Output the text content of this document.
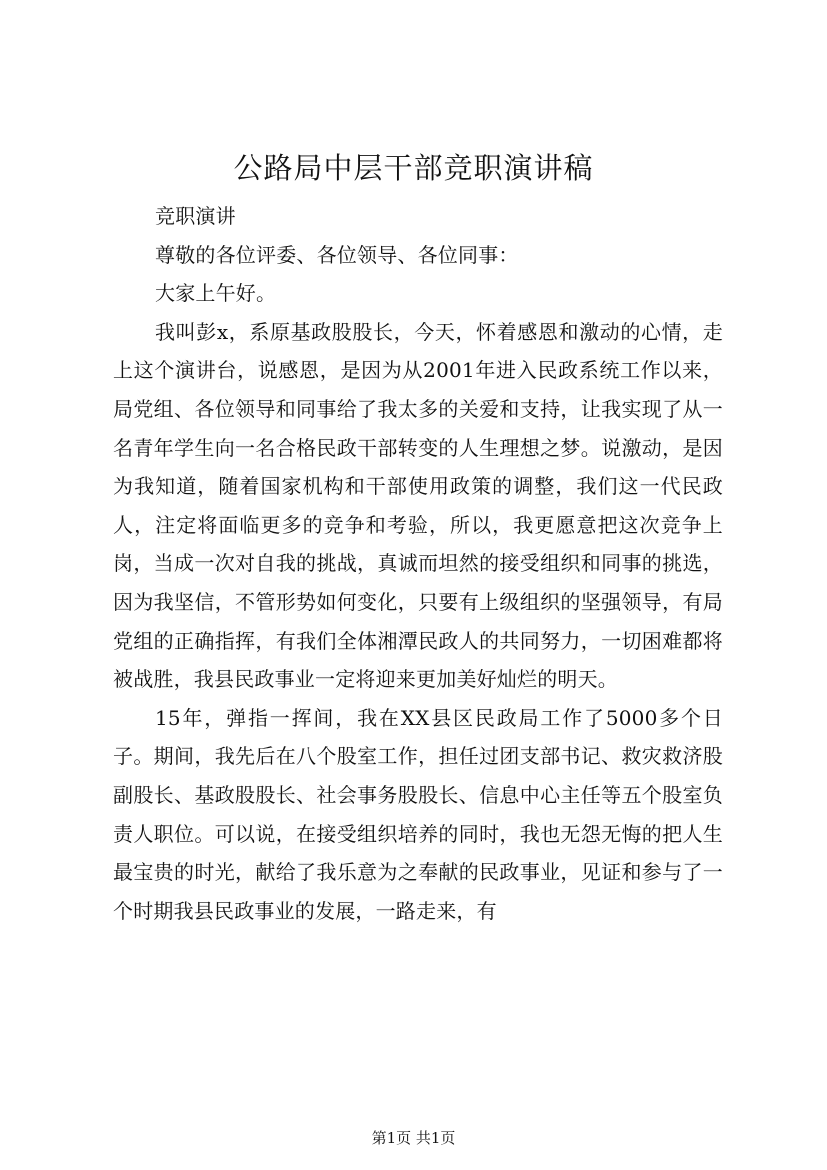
公路局中层干部竞职演讲稿

竞职演讲

尊敬的各位评委、各位领导、各位同事：

大家上午好。

我叫彭x，系原基政股股长，今天，怀着感恩和激动的心情，走上这个演讲台，说感恩，是因为从2001年进入民政系统工作以来，局党组、各位领导和同事给了我太多的关爱和支持，让我实现了从一名青年学生向一名合格民政干部转变的人生理想之梦。说激动，是因为我知道，随着国家机构和干部使用政策的调整，我们这一代民政人，注定将面临更多的竞争和考验，所以，我更愿意把这次竞争上岗，当成一次对自我的挑战，真诚而坦然的接受组织和同事的挑选，因为我坚信，不管形势如何变化，只要有上级组织的坚强领导，有局党组的正确指挥，有我们全体湘潭民政人的共同努力，一切困难都将被战胜，我县民政事业一定将迎来更加美好灿烂的明天。

15年，弹指一挥间，我在XX县区民政局工作了5000多个日子。期间，我先后在八个股室工作，担任过团支部书记、救灾救济股副股长、基政股股长、社会事务股股长、信息中心主任等五个股室负责人职位。可以说，在接受组织培养的同时，我也无怨无悔的把人生最宝贵的时光，献给了我乐意为之奉献的民政事业，见证和参与了一个时期我县民政事业的发展，一路走来，有

第1页 共1页
